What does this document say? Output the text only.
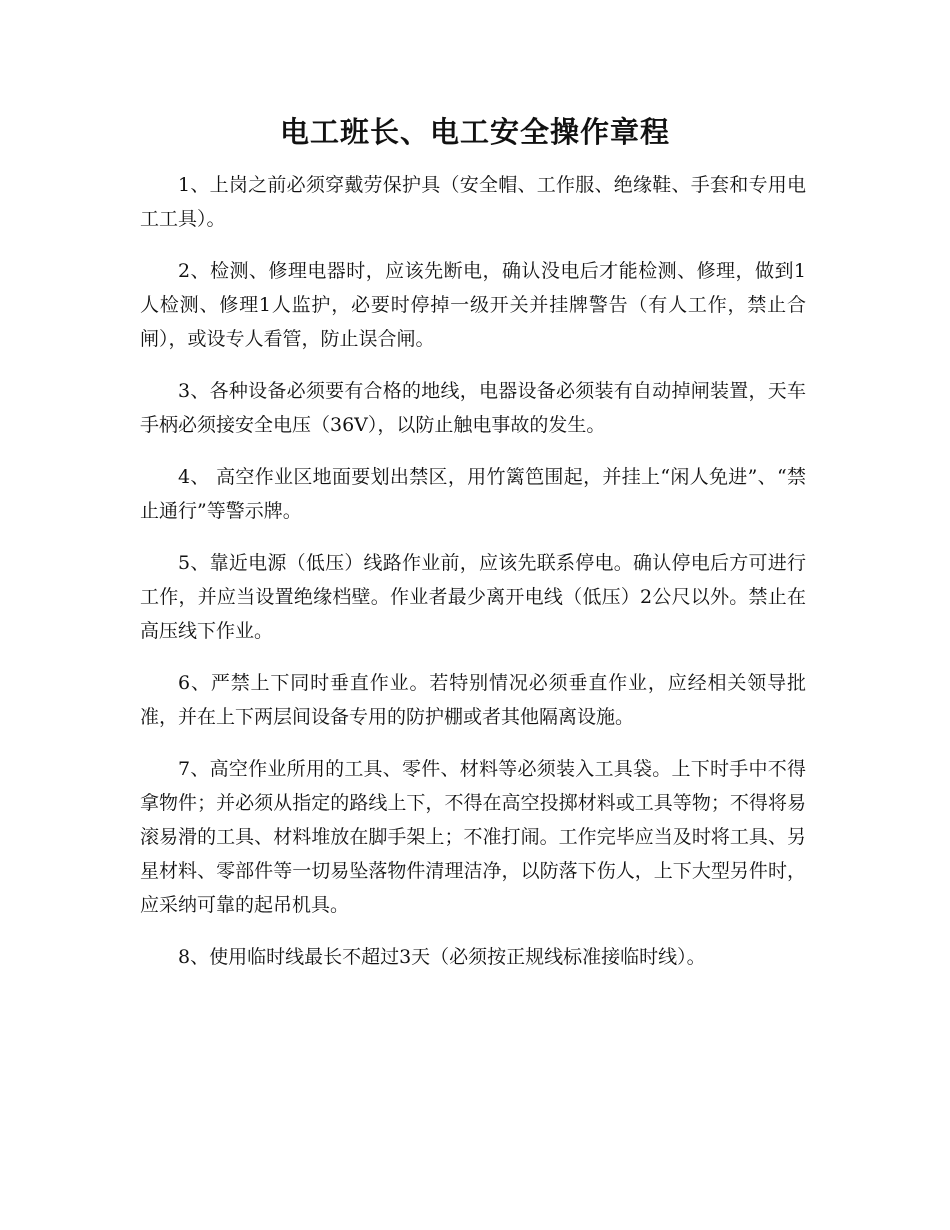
电工班长、电工安全操作章程

1、上岗之前必须穿戴劳保护具（安全帽、工作服、绝缘鞋、手套和专用电工工具）。

2、检测、修理电器时，应该先断电，确认没电后才能检测、修理，做到1人检测、修理1人监护，必要时停掉一级开关并挂牌警告（有人工作，禁止合闸），或设专人看管，防止误合闸。

3、各种设备必须要有合格的地线，电器设备必须装有自动掉闸装置，天车手柄必须接安全电压（36V），以防止触电事故的发生。

4、 高空作业区地面要划出禁区，用竹篱笆围起，并挂上“闲人免进”、“禁止通行”等警示牌。

5、靠近电源（低压）线路作业前，应该先联系停电。确认停电后方可进行工作，并应当设置绝缘档壁。作业者最少离开电线（低压）2公尺以外。禁止在高压线下作业。

6、严禁上下同时垂直作业。若特别情况必须垂直作业，应经相关领导批准，并在上下两层间设备专用的防护棚或者其他隔离设施。

7、高空作业所用的工具、零件、材料等必须装入工具袋。上下时手中不得拿物件；并必须从指定的路线上下，不得在高空投掷材料或工具等物；不得将易滚易滑的工具、材料堆放在脚手架上；不准打闹。工作完毕应当及时将工具、另星材料、零部件等一切易坠落物件清理洁净，以防落下伤人，上下大型另件时，应采纳可靠的起吊机具。

8、使用临时线最长不超过3天（必须按正规线标准接临时线）。
